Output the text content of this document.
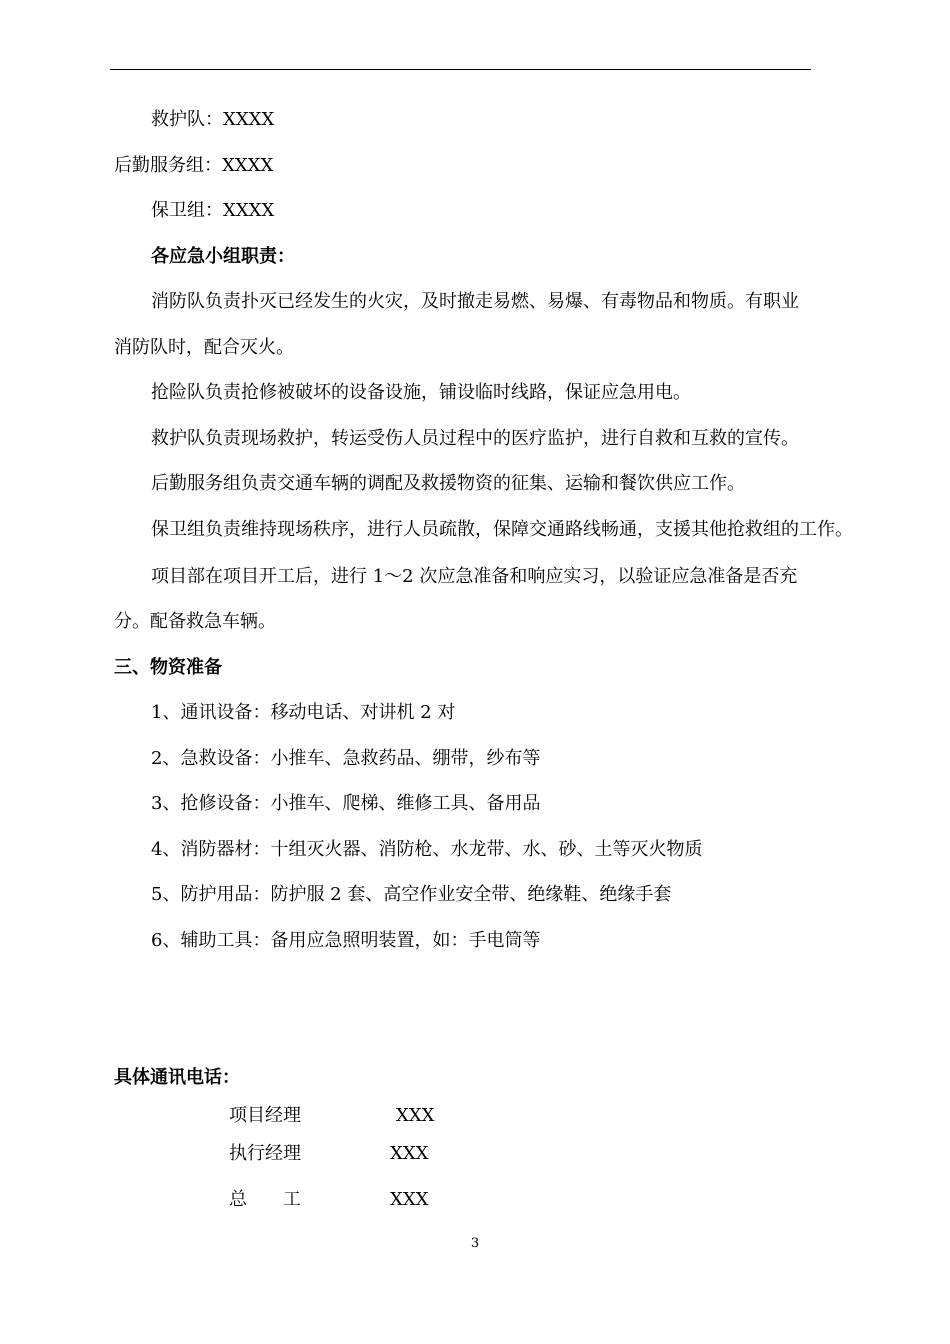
救护队：XXXX
后勤服务组：XXXX
保卫组：XXXX
各应急小组职责：
消防队负责扑灭已经发生的火灾，及时撤走易燃、易爆、有毒物品和物质。有职业
消防队时，配合灭火。
抢险队负责抢修被破坏的设备设施，铺设临时线路，保证应急用电。
救护队负责现场救护，转运受伤人员过程中的医疗监护，进行自救和互救的宣传。
后勤服务组负责交通车辆的调配及救援物资的征集、运输和餐饮供应工作。
保卫组负责维持现场秩序，进行人员疏散，保障交通路线畅通，支援其他抢救组的工作。
项目部在项目开工后，进行 1～2 次应急准备和响应实习，以验证应急准备是否充
分。配备救急车辆。
三、物资准备
1、通讯设备：移动电话、对讲机 2 对
2、急救设备：小推车、急救药品、绷带，纱布等
3、抢修设备：小推车、爬梯、维修工具、备用品
4、消防器材：十组灭火器、消防枪、水龙带、水、砂、土等灭火物质
5、防护用品：防护服 2 套、高空作业安全带、绝缘鞋、绝缘手套
6、辅助工具：备用应急照明装置，如：手电筒等
具体通讯电话：
项目经理	XXX
执行经理	XXX
总　　工	XXX
3
